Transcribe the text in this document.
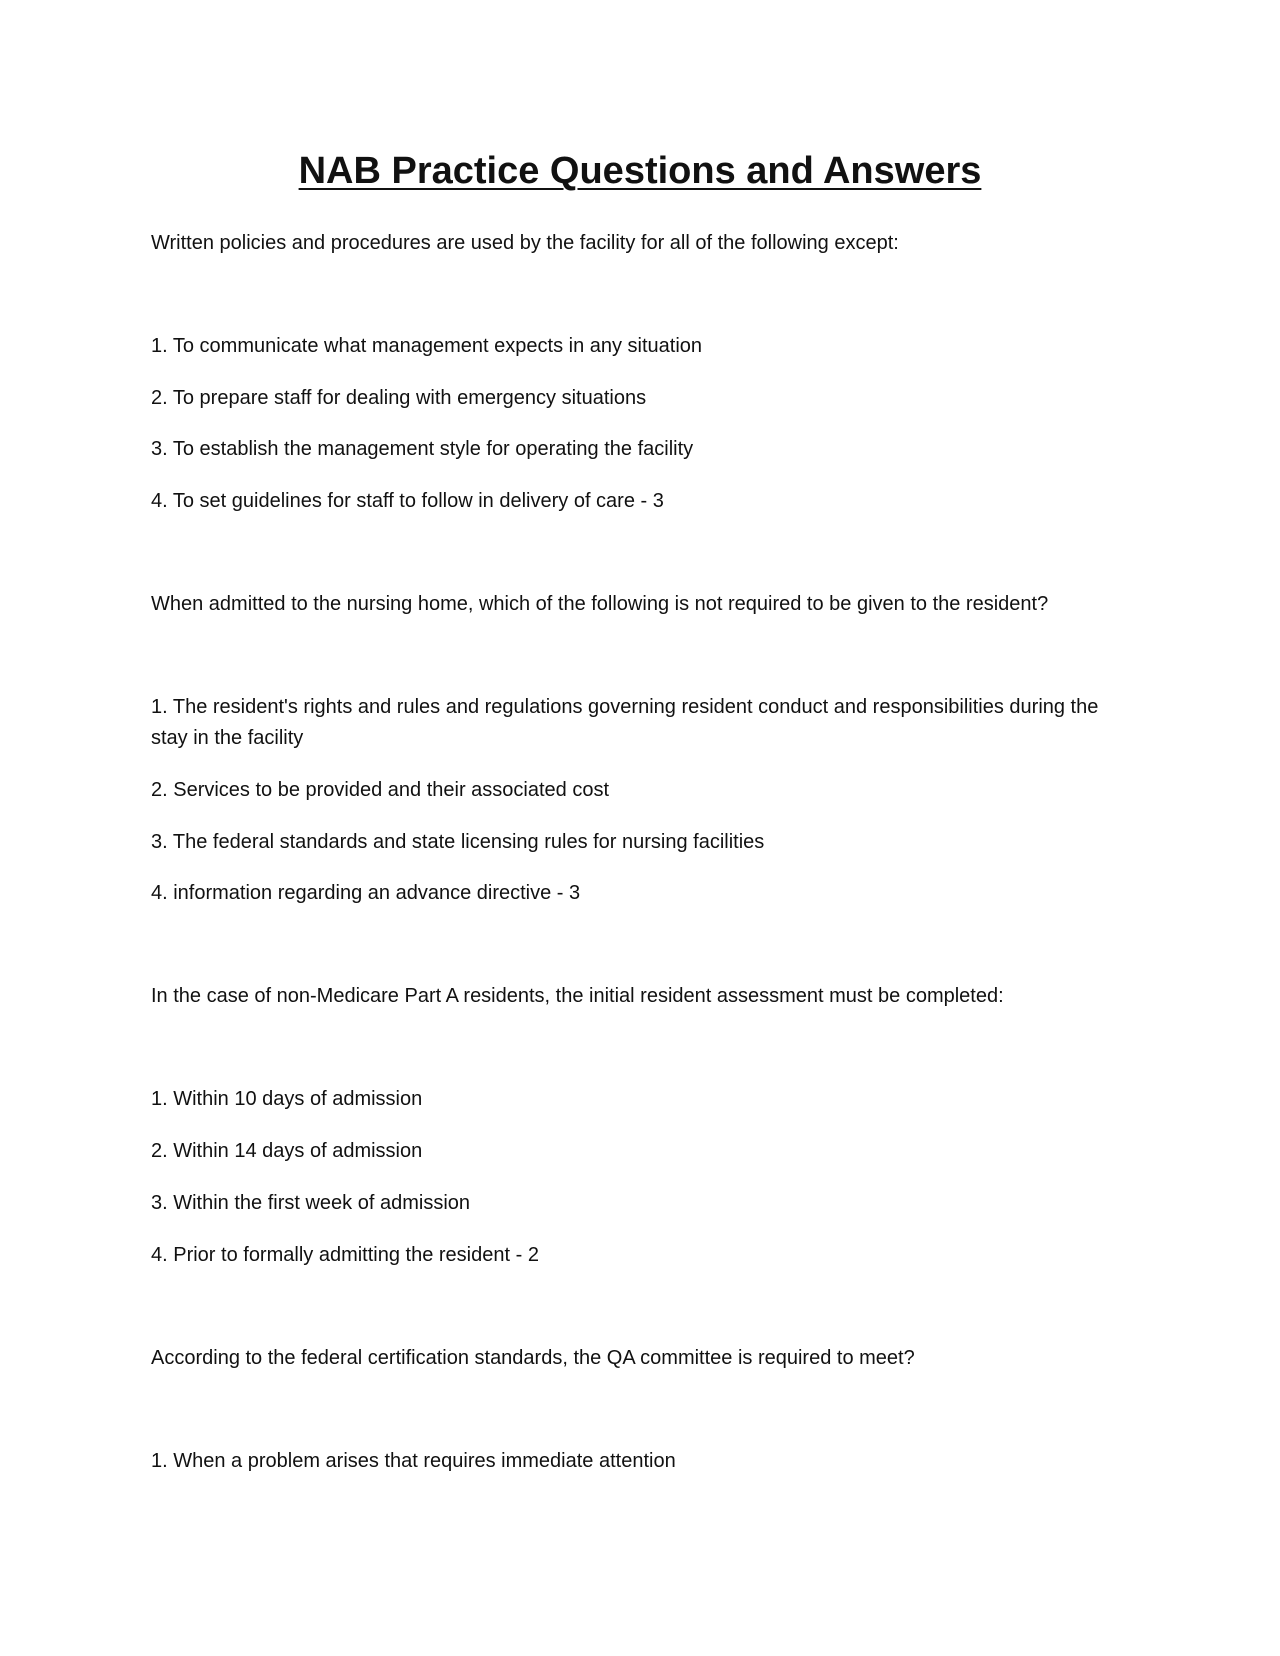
NAB Practice Questions and Answers

Written policies and procedures are used by the facility for all of the following except:

1. To communicate what management expects in any situation

2. To prepare staff for dealing with emergency situations

3. To establish the management style for operating the facility

4. To set guidelines for staff to follow in delivery of care - 3

When admitted to the nursing home, which of the following is not required to be given to the resident?

1. The resident's rights and rules and regulations governing resident conduct and responsibilities during the stay in the facility

2. Services to be provided and their associated cost

3. The federal standards and state licensing rules for nursing facilities

4. information regarding an advance directive - 3

In the case of non-Medicare Part A residents, the initial resident assessment must be completed:

1. Within 10 days of admission

2. Within 14 days of admission

3. Within the first week of admission

4. Prior to formally admitting the resident - 2

According to the federal certification standards, the QA committee is required to meet?

1. When a problem arises that requires immediate attention
